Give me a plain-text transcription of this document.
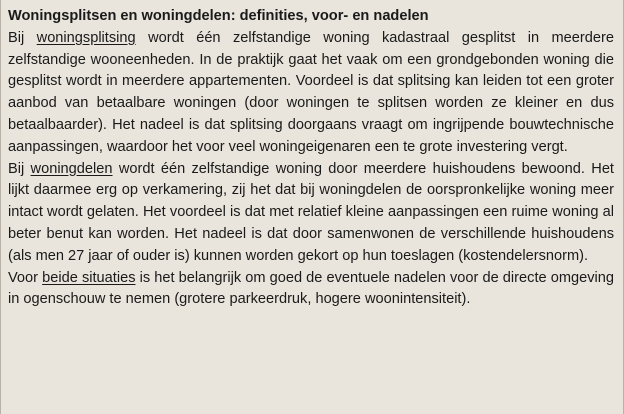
Woningsplitsen en woningdelen: definities, voor- en nadelen

Bij woningsplitsing wordt één zelfstandige woning kadastraal gesplitst in meerdere zelfstandige wooneenheden. In de praktijk gaat het vaak om een grondgebonden woning die gesplitst wordt in meerdere appartementen. Voordeel is dat splitsing kan leiden tot een groter aanbod van betaalbare woningen (door woningen te splitsen worden ze kleiner en dus betaalbaarder). Het nadeel is dat splitsing doorgaans vraagt om ingrijpende bouwtechnische aanpassingen, waardoor het voor veel woningeigenaren een te grote investering vergt.

Bij woningdelen wordt één zelfstandige woning door meerdere huishoudens bewoond. Het lijkt daarmee erg op verkamering, zij het dat bij woningdelen de oorspronkelijke woning meer intact wordt gelaten. Het voordeel is dat met relatief kleine aanpassingen een ruime woning al beter benut kan worden. Het nadeel is dat door samenwonen de verschillende huishoudens (als men 27 jaar of ouder is) kunnen worden gekort op hun toeslagen (kostendelersnorm).

Voor beide situaties is het belangrijk om goed de eventuele nadelen voor de directe omgeving in ogenschouw te nemen (grotere parkeerdruk, hogere woonintensiteit).
